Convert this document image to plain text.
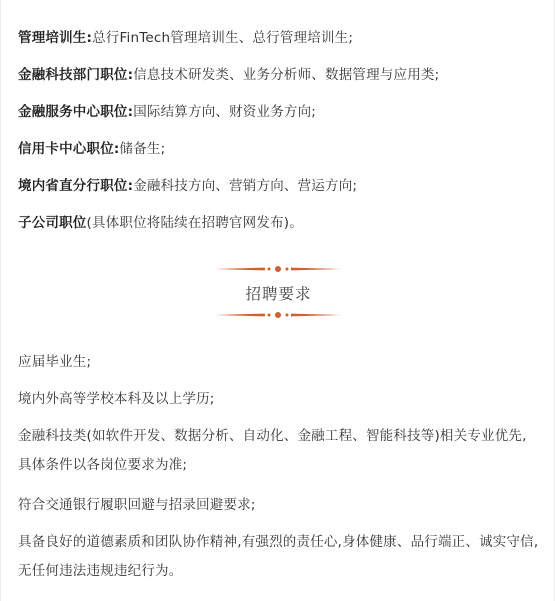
管理培训生:总行FinTech管理培训生、总行管理培训生;
金融科技部门职位:信息技术研发类、业务分析师、数据管理与应用类;
金融服务中心职位:国际结算方向、财资业务方向;
信用卡中心职位:储备生;
境内省直分行职位:金融科技方向、营销方向、营运方向;
子公司职位(具体职位将陆续在招聘官网发布)。
招聘要求
应届毕业生;
境内外高等学校本科及以上学历;
金融科技类(如软件开发、数据分析、自动化、金融工程、智能科技等)相关专业优先,具体条件以各岗位要求为准;
符合交通银行履职回避与招录回避要求;
具备良好的道德素质和团队协作精神,有强烈的责任心,身体健康、品行端正、诚实守信,无任何违法违规违纪行为。
